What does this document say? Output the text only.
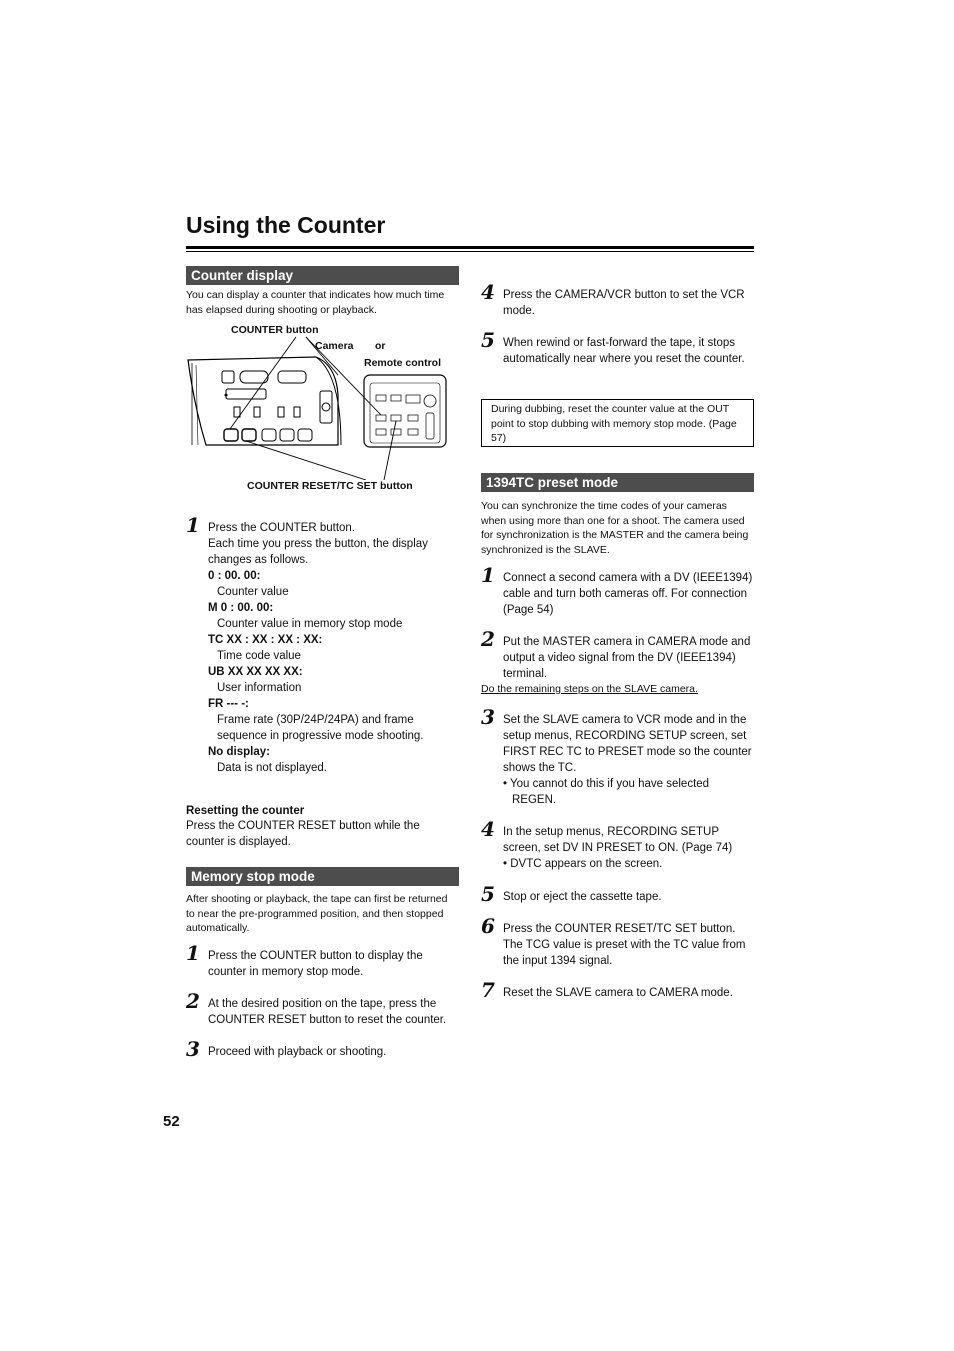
Using the Counter
Counter display
You can display a counter that indicates how much time has elapsed during shooting or playback.
COUNTER button
Camera or
Remote control
COUNTER RESET/TC SET button
1 Press the COUNTER button.
Each time you press the button, the display changes as follows.
0 : 00. 00:
Counter value
M 0 : 00. 00:
Counter value in memory stop mode
TC XX : XX : XX : XX:
Time code value
UB XX XX XX XX:
User information
FR --- -:
Frame rate (30P/24P/24PA) and frame sequence in progressive mode shooting.
No display:
Data is not displayed.
Resetting the counter
Press the COUNTER RESET button while the counter is displayed.
Memory stop mode
After shooting or playback, the tape can first be returned to near the pre-programmed position, and then stopped automatically.
1 Press the COUNTER button to display the counter in memory stop mode.
2 At the desired position on the tape, press the COUNTER RESET button to reset the counter.
3 Proceed with playback or shooting.
52
4 Press the CAMERA/VCR button to set the VCR mode.
5 When rewind or fast-forward the tape, it stops automatically near where you reset the counter.
During dubbing, reset the counter value at the OUT point to stop dubbing with memory stop mode. (Page 57)
1394TC preset mode
You can synchronize the time codes of your cameras when using more than one for a shoot. The camera used for synchronization is the MASTER and the camera being synchronized is the SLAVE.
1 Connect a second camera with a DV (IEEE1394) cable and turn both cameras off. For connection (Page 54)
2 Put the MASTER camera in CAMERA mode and output a video signal from the DV (IEEE1394) terminal.
Do the remaining steps on the SLAVE camera.
3 Set the SLAVE camera to VCR mode and in the setup menus, RECORDING SETUP screen, set FIRST REC TC to PRESET mode so the counter shows the TC.
• You cannot do this if you have selected REGEN.
4 In the setup menus, RECORDING SETUP screen, set DV IN PRESET to ON. (Page 74)
• DVTC appears on the screen.
5 Stop or eject the cassette tape.
6 Press the COUNTER RESET/TC SET button. The TCG value is preset with the TC value from the input 1394 signal.
7 Reset the SLAVE camera to CAMERA mode.
